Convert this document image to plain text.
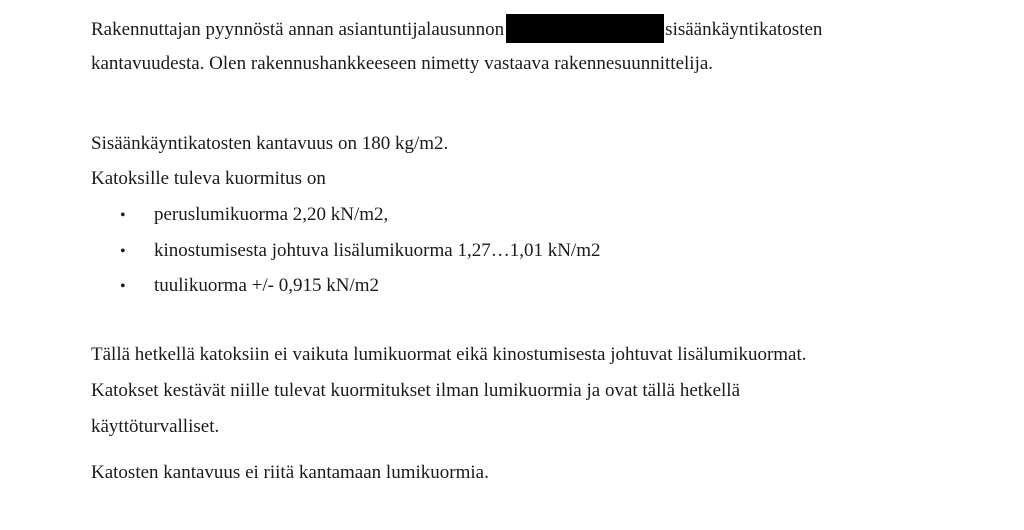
Rakennuttajan pyynnöstä annan asiantuntijalausunnon	sisäänkäyntikatosten
kantavuudesta. Olen rakennushankkeeseen nimetty vastaava rakennesuunnittelija.
Sisäänkäyntikatosten kantavuus on 180 kg/m2.
Katoksille tuleva kuormitus on
• peruslumikuorma 2,20 kN/m2,
• kinostumisesta johtuva lisälumikuorma 1,27…1,01 kN/m2
• tuulikuorma +/- 0,915 kN/m2
Tällä hetkellä katoksiin ei vaikuta lumikuormat eikä kinostumisesta johtuvat lisälumikuormat.
Katokset kestävät niille tulevat kuormitukset ilman lumikuormia ja ovat tällä hetkellä
käyttöturvalliset.
Katosten kantavuus ei riitä kantamaan lumikuormia.
